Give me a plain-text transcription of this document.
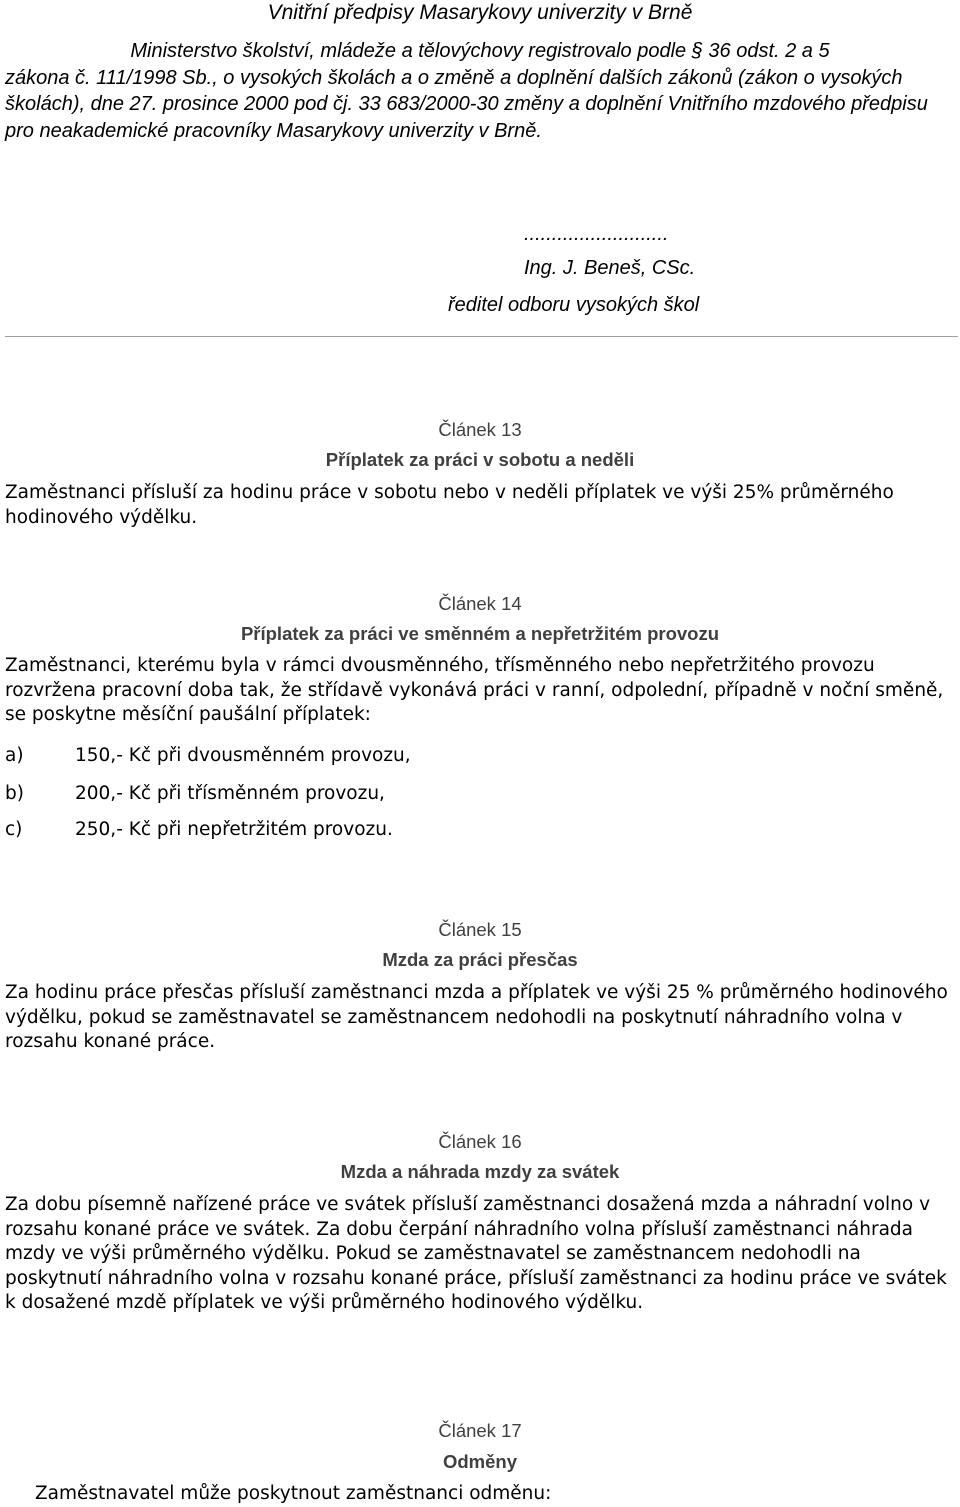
Vnitřní předpisy Masarykovy univerzity v Brně
Ministerstvo školství, mládeže a tělovýchovy registrovalo podle § 36 odst. 2 a 5
zákona č. 111/1998 Sb., o vysokých školách a o změně a doplnění dalších zákonů (zákon o vysokých školách), dne 27. prosince 2000 pod čj. 33 683/2000-30 změny a doplnění Vnitřního mzdového předpisu pro neakademické pracovníky Masarykovy univerzity v Brně.
..........................
Ing. J. Beneš, CSc.
ředitel odboru vysokých škol
Článek 13
Příplatek za práci v sobotu a neděli
Zaměstnanci přísluší za hodinu práce v sobotu nebo v neděli příplatek ve výši 25% průměrného hodinového výdělku.
Článek 14
Příplatek za práci ve směnném a nepřetržitém provozu
Zaměstnanci, kterému byla v rámci dvousměnného, třísměnného nebo nepřetržitého provozu rozvržena pracovní doba tak, že střídavě vykonává práci v ranní, odpolední, případně v noční směně, se poskytne měsíční paušální příplatek:
a)	150,- Kč při dvousměnném provozu,
b)	200,- Kč při třísměnném provozu,
c)	250,- Kč při nepřetržitém provozu.
Článek 15
Mzda za práci přesčas
Za hodinu práce přesčas přísluší zaměstnanci mzda a příplatek ve výši 25 % průměrného hodinového výdělku, pokud se zaměstnavatel se zaměstnancem nedohodli na poskytnutí náhradního volna v rozsahu konané práce.
Článek 16
Mzda a náhrada mzdy za svátek
Za dobu písemně nařízené práce ve svátek přísluší zaměstnanci dosažená mzda a náhradní volno v rozsahu konané práce ve svátek. Za dobu čerpání náhradního volna přísluší zaměstnanci náhrada mzdy ve výši průměrného výdělku. Pokud se zaměstnavatel se zaměstnancem nedohodli na poskytnutí náhradního volna v rozsahu konané práce, přísluší zaměstnanci za hodinu práce ve svátek k dosažené mzdě příplatek ve výši průměrného hodinového výdělku.
Článek 17
Odměny
Zaměstnavatel může poskytnout zaměstnanci odměnu:
